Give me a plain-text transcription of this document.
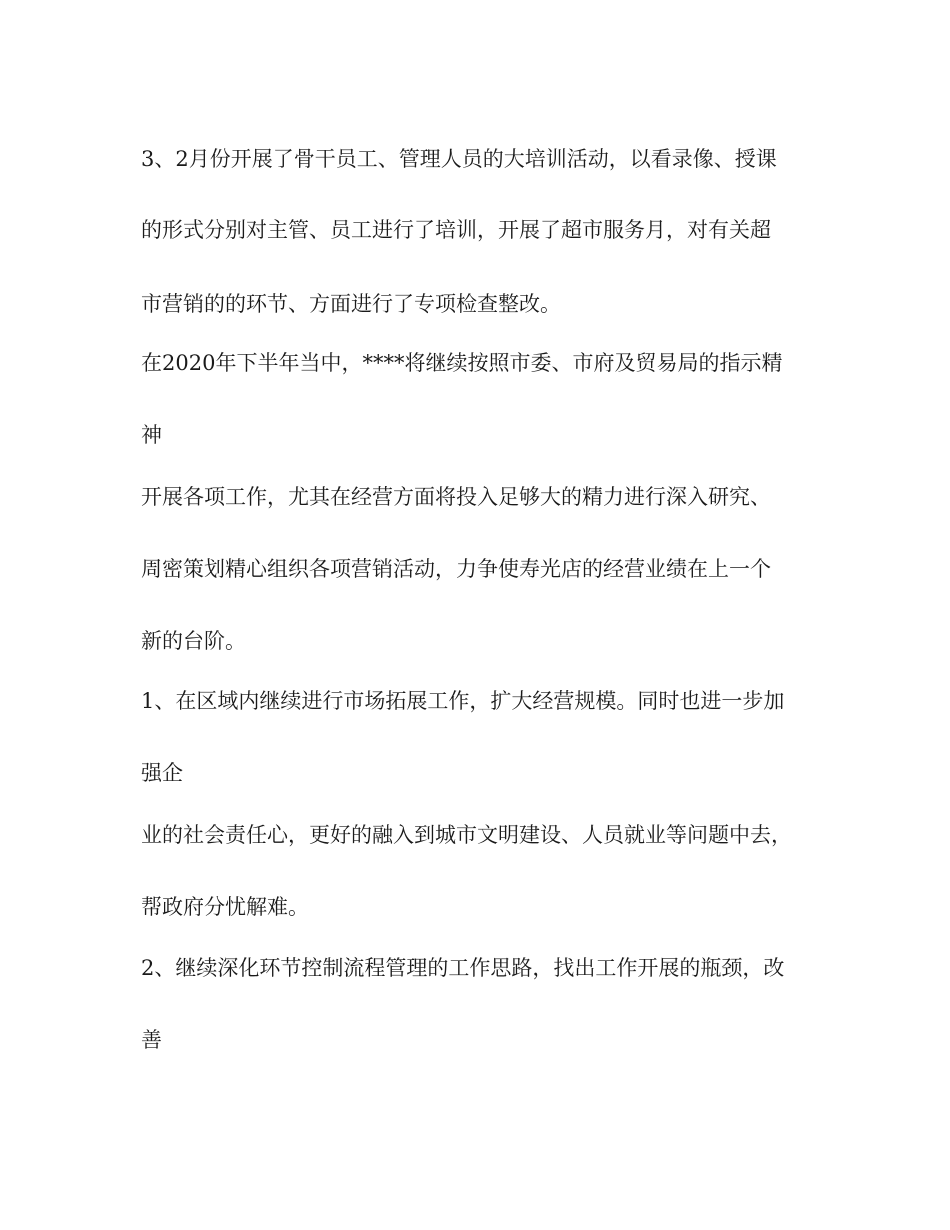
3、2月份开展了骨干员工、管理人员的大培训活动，以看录像、授课
的形式分别对主管、员工进行了培训，开展了超市服务月，对有关超
市营销的的环节、方面进行了专项检查整改。
在2020年下半年当中，****将继续按照市委、市府及贸易局的指示精
神
开展各项工作，尤其在经营方面将投入足够大的精力进行深入研究、
周密策划精心组织各项营销活动，力争使寿光店的经营业绩在上一个
新的台阶。
1、在区域内继续进行市场拓展工作，扩大经营规模。同时也进一步加
强企
业的社会责任心，更好的融入到城市文明建设、人员就业等问题中去，
帮政府分忧解难。
2、继续深化环节控制流程管理的工作思路，找出工作开展的瓶颈，改
善
